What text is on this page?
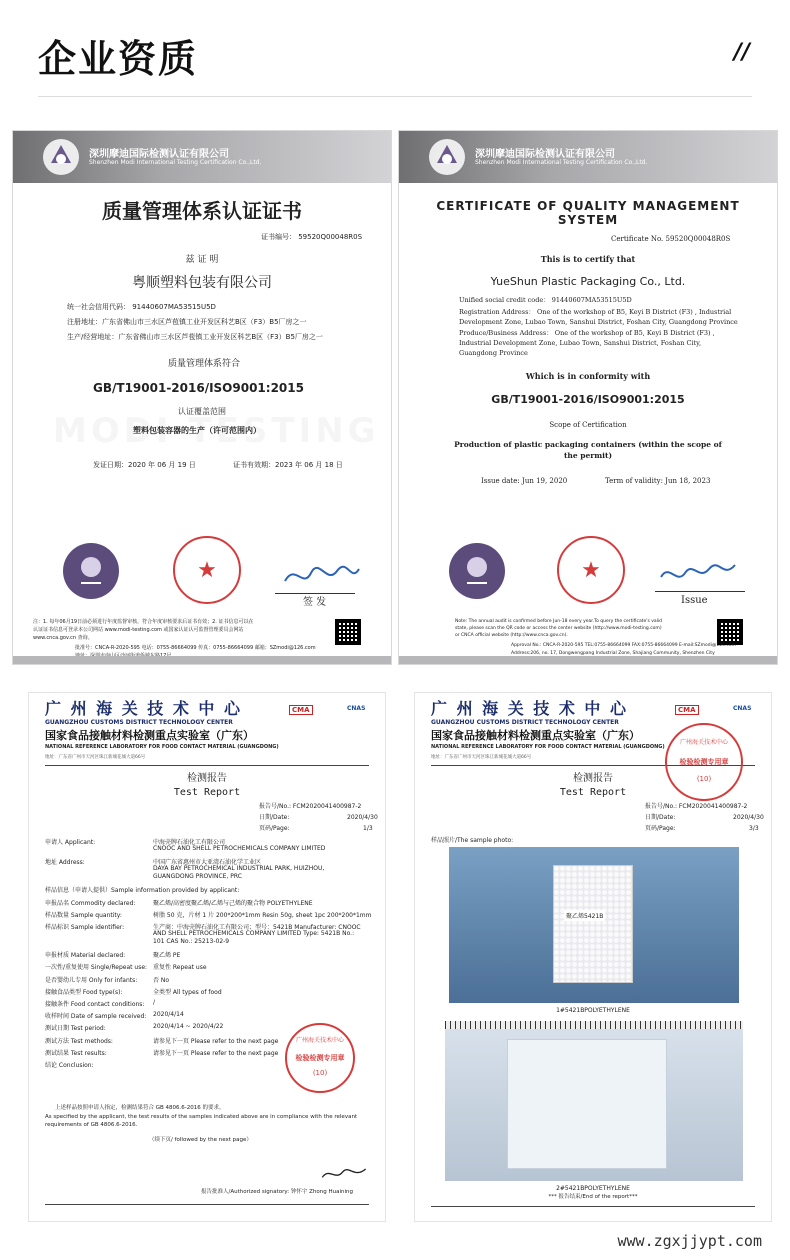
企业资质	//
深圳摩迪国际检测认证有限公司
Shenzhen Modi International Testing Certification Co.,Ltd.
质量管理体系认证证书
证书编号： 59520Q00048R0S
兹 证 明
粤顺塑料包装有限公司
统一社会信用代码： 91440607MA53515U5D
注册地址：广东省佛山市三水区芦苞镇工业开发区科艺B区（F3）B5厂房之一
生产/经营地址：广东省佛山市三水区芦苞镇工业开发区科艺B区（F3）B5厂房之一
质量管理体系符合
GB/T19001-2016/ISO9001:2015
认证覆盖范围
塑料包装容器的生产（许可范围内）
发证日期：2020 年 06 月 19 日	证书有效期：2023 年 06 月 18 日
★
签 发
注：1. 每年06月19日前必须进行年度监督审核，符合年度审核要求后证书有效；2. 证书信息可以在
认证证书信息可登录本公司网站 www.modi-testing.com 或国家认证认可监督管理委员会网站
www.cnca.gov.cn 查询。
批准号：CNCA-R-2020-595 电话：0755-86664099 传真：0755-86664099 邮箱：SZmodi@126.com
深圳摩迪国际检测认证有限公司
Shenzhen Modi International Testing Certification Co.,Ltd.
CERTIFICATE OF QUALITY MANAGEMENT
SYSTEM
Certificate No. 59520Q00048R0S
This is to certify that
YueShun Plastic Packaging Co., Ltd.
Unified social credit code： 91440607MA53515U5D
Registration Address： One of the workshop of B5, Keyi B District (F3) , Industrial
Development Zone, Lubao Town, Sanshui District, Foshan City, Guangdong Province
Produce/Business Address： One of the workshop of B5, Keyi B District (F3) ,
Industrial Development Zone, Lubao Town, Sanshui District, Foshan City,
Guangdong Province
Which is in conformity with
GB/T19001-2016/ISO9001:2015
Scope of Certification
Production of plastic packaging containers (within the scope of
the permit)
Issue date: Jun 19, 2020	Term of validity: Jun 18, 2023
★
Issue
Note: The annual audit is confirmed before Jun-18 every year.To query the certificate's valid
state, please scan the QR code or access the center website (http://www.modi-testing.com)
or CNCA official website (http://www.cnca.gov.cn).
Approval No.: CNCA-R-2020-595 TEL:0755-86664099 FAX:0755-86664099 E-mail:SZmodi@126.com
Address:206, no. 17, Dongwengpang Industrial Zone, Shajiang Community, Shenzhen City
广 州 海 关 技 术 中 心
GUANGZHOU CUSTOMS DISTRICT TECHNOLOGY CENTER
CMA	CNAS
国家食品接触材料检测重点实验室（广东）
NATIONAL REFERENCE LABORATORY FOR FOOD CONTACT MATERIAL (GUANGDONG)
地址：广东省广州市天河区珠江新城花城大道66号
检测报告
Test Report
报告号/No.: FCM2020041400987-2
日期/Date:	2020/4/30
页码/Page:	1/3
申请人 Applicant:	中海壳牌石油化工有限公司
CNOOC AND SHELL PETROCHEMICALS COMPANY LIMITED
地址 Address:	中国广东省惠州市大亚湾石油化学工业区
DAYA BAY PETROCHEMICAL INDUSTRIAL PARK, HUIZHOU,
GUANGDONG PROVINCE, PRC
样品信息（申请人提供）Sample information provided by applicant:
申报品名 Commodity declared:	聚乙烯/高密度聚乙烯/乙烯与己烯的聚合物 POLYETHYLENE
样品数量 Sample quantity:	树脂 50 克，片材 1 片 200*200*1mm Resin 50g, sheet 1pc 200*200*1mm
样品标识 Sample identifier:	生产商：中海壳牌石油化工有限公司；型号：5421B Manufacturer: CNOOC
AND SHELL PETROCHEMICALS COMPANY LIMITED Type: 5421B No.:
101 CAS No.: 25213-02-9
申报材质 Material declared:	聚乙烯 PE
一次性/重复使用 Single/Repeat use: 重复性 Repeat use
是否婴幼儿专用 Only for infants:	否 No
接触食品类型 Food type(s):	全类型 All types of food
接触条件 Food contact conditions: /
收样时间 Date of sample received: 2020/4/14
测试日期 Test period:	2020/4/14 ~ 2020/4/22
测试方法 Test methods:	请参见下一页 Please refer to the next page
测试结果 Test results:	请参见下一页 Please refer to the next page
结论 Conclusion:
上述样品按照申请人指定，检测结果符合 GB 4806.6-2016 的要求。
As specified by the applicant, the test results of the samples indicated above are in compliance with the relevant
requirements of GB 4806.6-2016.
（续下页/ followed by the next page）
报告批准人/Authorized signatory: 钟怀宇 Zhong Huaining
广州海关技术中心
检验检测专用章
(10)
广 州 海 关 技 术 中 心
GUANGZHOU CUSTOMS DISTRICT TECHNOLOGY CENTER
CMA	CNAS
国家食品接触材料检测重点实验室（广东）
NATIONAL REFERENCE LABORATORY FOR FOOD CONTACT MATERIAL (GUANGDONG)
地址：广东省广州市天河区珠江新城花城大道66号
检测报告
Test Report
广州海关技术中心
检验检测专用章
(10)
报告号/No.: FCM2020041400987-2
日期/Date:	2020/4/30
页码/Page:	3/3
样品照片/The sample photo:
聚乙烯5421B
1#5421BPOLYETHYLENE
2#5421BPOLYETHYLENE
*** 报告结束/End of the report***
www.zgxjjypt.com
